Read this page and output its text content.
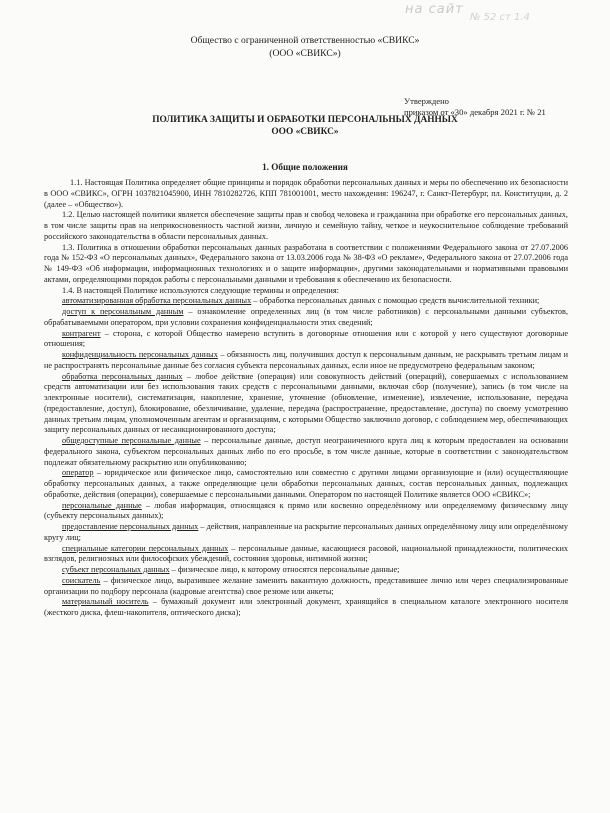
на сайт
№ 52 ст 1.4
Общество с ограниченной ответственностью «СВИКС»
(ООО «СВИКС»)
Утверждено
приказом от «30» декабря 2021 г. № 21
ПОЛИТИКА ЗАЩИТЫ И ОБРАБОТКИ ПЕРСОНАЛЬНЫХ ДАННЫХ
ООО «СВИКС»
1. Общие положения

1.1. Настоящая Политика определяет общие принципы и порядок обработки персональных данных и меры по обеспечению их безопасности в ООО «СВИКС», ОГРН 1037821045900, ИНН 7810282726, КПП 781001001, место нахождения: 196247, г. Санкт-Петербург, пл. Конституции, д. 2 (далее – «Общество»).

1.2. Целью настоящей политики является обеспечение защиты прав и свобод человека и гражданина при обработке его персональных данных, в том числе защиты прав на неприкосновенность частной жизни, личную и семейную тайну, четкое и неукоснительное соблюдение требований российского законодательства в области персональных данных.

1.3. Политика в отношении обработки персональных данных разработана в соответствии с положениями Федерального закона от 27.07.2006 года № 152-ФЗ «О персональных данных», Федерального закона от 13.03.2006 года № 38-ФЗ «О рекламе», Федерального закона от 27.07.2006 года № 149-ФЗ «Об информации, информационных технологиях и о защите информации», другими законодательными и нормативными правовыми актами, определяющими порядок работы с персональными данными и требования к обеспечению их безопасности.

1.4. В настоящей Политике используются следующие термины и определения:

автоматизированная обработка персональных данных – обработка персональных данных с помощью средств вычислительной техники;

доступ к персональным данным – ознакомление определенных лиц (в том числе работников) с персональными данными субъектов, обрабатываемыми оператором, при условии сохранения конфиденциальности этих сведений;

контрагент – сторона, с которой Общество намерено вступить в договорные отношения или с которой у него существуют договорные отношения;

конфиденциальность персональных данных – обязанность лиц, получивших доступ к персональным данным, не раскрывать третьим лицам и не распространять персональные данные без согласия субъекта персональных данных, если иное не предусмотрено федеральным законом;

обработка персональных данных – любое действие (операция) или совокупность действий (операций), совершаемых с использованием средств автоматизации или без использования таких средств с персональными данными, включая сбор (получение), запись (в том числе на электронные носители), систематизация, накопление, хранение, уточнение (обновление, изменение), извлечение, использование, передача (предоставление, доступ), блокирование, обезличивание, удаление, передача (распространение, предоставление, доступа) по своему усмотрению данных третьим лицам, уполномоченным агентам и организациям, с которыми Общество заключило договор, с соблюдением мер, обеспечивающих защиту персональных данных от несанкционированного доступа;

общедоступные персональные данные – персональные данные, доступ неограниченного круга лиц к которым предоставлен на основании федерального закона, субъектом персональных данных либо по его просьбе, в том числе данные, которые в соответствии с законодательством подлежат обязательному раскрытию или опубликованию;

оператор – юридическое или физическое лицо, самостоятельно или совместно с другими лицами организующие и (или) осуществляющие обработку персональных данных, а также определяющие цели обработки персональных данных, состав персональных данных, подлежащих обработке, действия (операции), совершаемые с персональными данными. Оператором по настоящей Политике является ООО «СВИКС»;

персональные данные – любая информация, относящаяся к прямо или косвенно определённому или определяемому физическому лицу (субъекту персональных данных);

предоставление персональных данных – действия, направленные на раскрытие персональных данных определённому лицу или определённому кругу лиц;

специальные категории персональных данных – персональные данные, касающиеся расовой, национальной принадлежности, политических взглядов, религиозных или философских убеждений, состояния здоровья, интимной жизни;

субъект персональных данных – физическое лицо, к которому относятся персональные данные;

соискатель – физическое лицо, выразившее желание заменить вакантную должность, представившее лично или через специализированные организации по подбору персонала (кадровые агентства) свое резюме или анкеты;

материальный носитель – бумажный документ или электронный документ, хранящийся в специальном каталоге электронного носителя (жесткого диска, флеш-накопителя, оптического диска);
